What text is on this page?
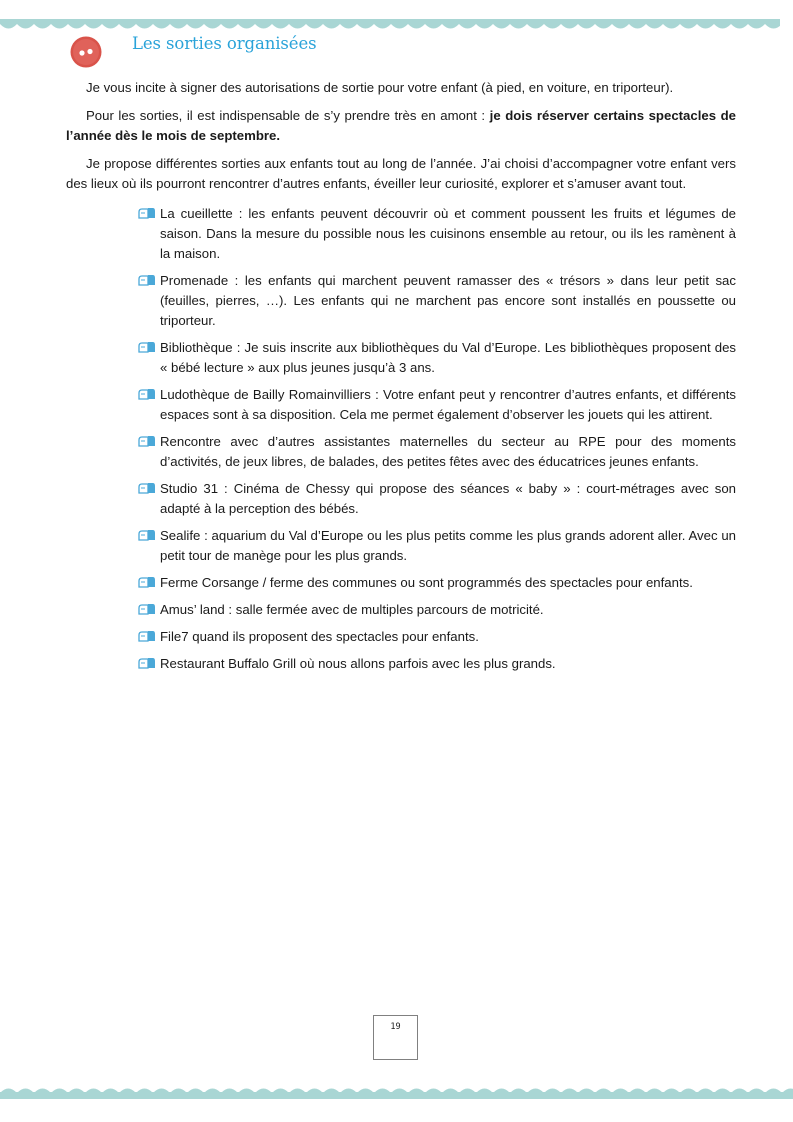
Les sorties organisées

Je vous incite à signer des autorisations de sortie pour votre enfant (à pied, en voiture, en triporteur).

Pour les sorties, il est indispensable de s’y prendre très en amont : je dois réserver certains spectacles de l’année dès le mois de septembre.

Je propose différentes sorties aux enfants tout au long de l’année. J’ai choisi d’accompagner votre enfant vers des lieux où ils pourront rencontrer d’autres enfants, éveiller leur curiosité, explorer et s’amuser avant tout.

La cueillette : les enfants peuvent découvrir où et comment poussent les fruits et légumes de saison. Dans la mesure du possible nous les cuisinons ensemble au retour, ou ils les ramènent à la maison.
Promenade : les enfants qui marchent peuvent ramasser des « trésors » dans leur petit sac (feuilles, pierres, …). Les enfants qui ne marchent pas encore sont installés en poussette ou triporteur.
Bibliothèque : Je suis inscrite aux bibliothèques du Val d’Europe. Les bibliothèques proposent des « bébé lecture » aux plus jeunes jusqu’à 3 ans.
Ludothèque de Bailly Romainvilliers : Votre enfant peut y rencontrer d’autres enfants, et différents espaces sont à sa disposition. Cela me permet également d’observer les jouets qui les attirent.
Rencontre avec d’autres assistantes maternelles du secteur au RPE pour des moments d’activités, de jeux libres, de balades, des petites fêtes avec des éducatrices jeunes enfants.
Studio 31 : Cinéma de Chessy qui propose des séances « baby » : court-métrages avec son adapté à la perception des bébés.
Sealife : aquarium du Val d’Europe ou les plus petits comme les plus grands adorent aller. Avec un petit tour de manège pour les plus grands.
Ferme Corsange / ferme des communes ou sont programmés des spectacles pour enfants.
Amus’ land : salle fermée avec de multiples parcours de motricité.
File7 quand ils proposent des spectacles pour enfants.
Restaurant Buffalo Grill où nous allons parfois avec les plus grands.
19
